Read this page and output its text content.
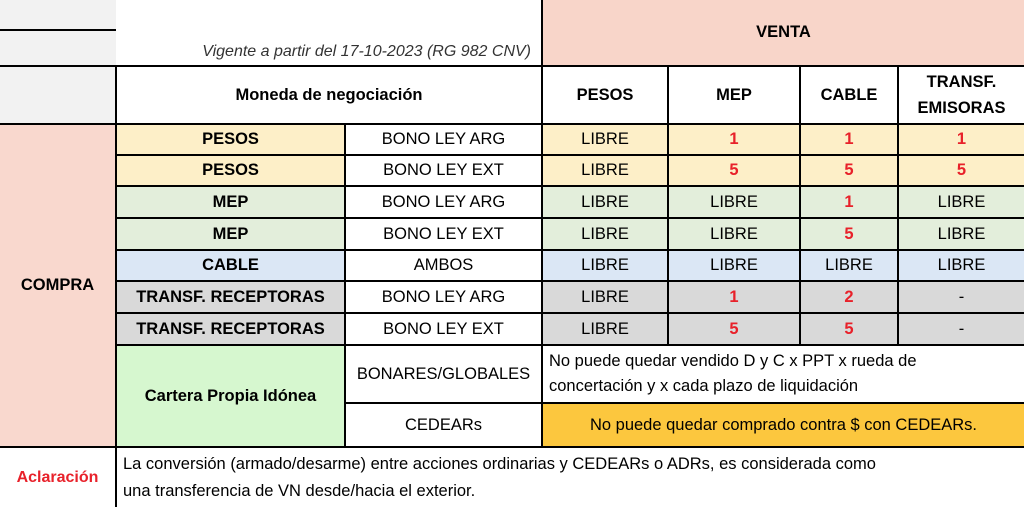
	Vigente a partir del 17-10-2023 (RG 982 CNV)		VENTA			

	Moneda de negociación		PESOS	MEP	CABLE	TRANSF.
EMISORAS
COMPRA	PESOS	BONO LEY ARG	LIBRE	1	1	1
	PESOS	BONO LEY EXT	LIBRE	5	5	5
	MEP	BONO LEY ARG	LIBRE	LIBRE	1	LIBRE
	MEP	BONO LEY EXT	LIBRE	LIBRE	5	LIBRE
	CABLE	AMBOS	LIBRE	LIBRE	LIBRE	LIBRE
	TRANSF. RECEPTORAS	BONO LEY ARG	LIBRE	1	2	-
	TRANSF. RECEPTORAS	BONO LEY EXT	LIBRE	5	5	-
	Cartera Propia Idónea	BONARES/GLOBALES	No puede quedar vendido D y C x PPT x rueda de
concertación y x cada plazo de liquidación			
		CEDEARs	No puede quedar comprado contra $ con CEDEARs.			
Aclaración	La conversión (armado/desarme) entre acciones ordinarias y CEDEARs o ADRs, es considerada como
una transferencia de VN desde/hacia el exterior.					
